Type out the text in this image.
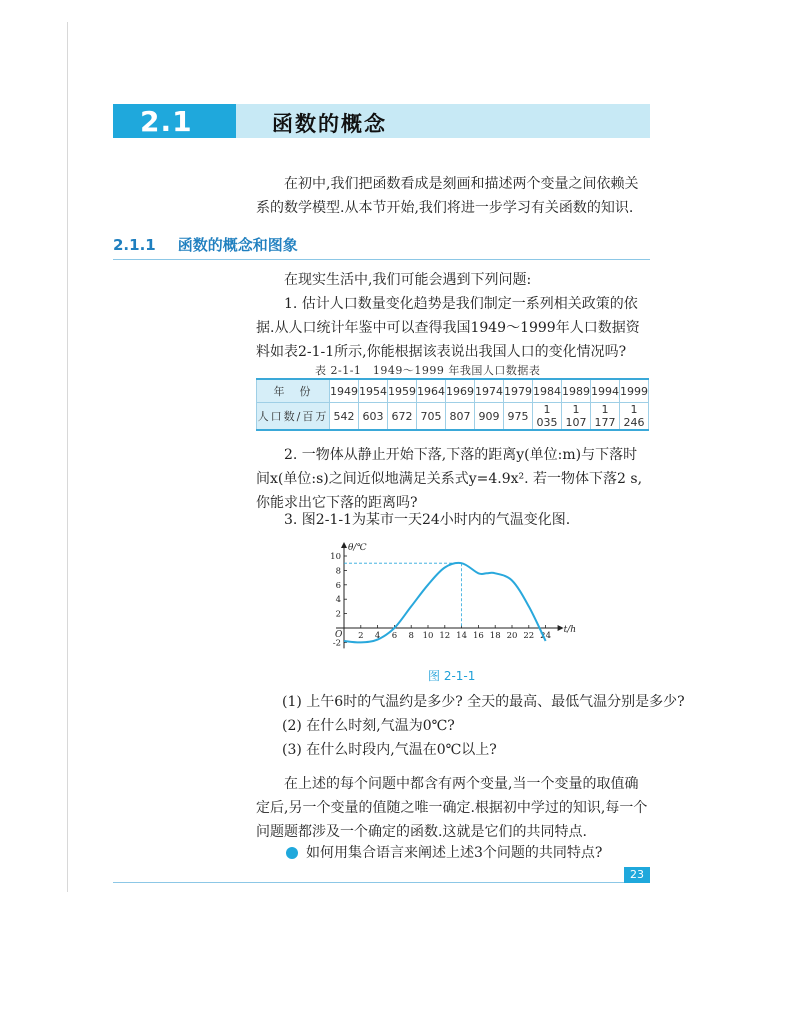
2.1	函数的概念
在初中,我们把函数看成是刻画和描述两个变量之间依赖关系的数学模型.从本节开始,我们将进一步学习有关函数的知识.
2.1.1 函数的概念和图象
在现实生活中,我们可能会遇到下列问题:
1. 估计人口数量变化趋势是我们制定一系列相关政策的依据.从人口统计年鉴中可以查得我国1949～1999年人口数据资料如表2-1-1所示,你能根据该表说出我国人口的变化情况吗?
表 2-1-1　1949～1999 年我国人口数据表
年　份	1949	1954	1959	1964	1969	1974	1979	1984	1989	1994	1999
人口数/百万	542	603	672	705	807	909	975	1 035	1 107	1 177	1 246
2. 一物体从静止开始下落,下落的距离y(单位:m)与下落时间x(单位:s)之间近似地满足关系式y=4.9x². 若一物体下落2 s,你能求出它下落的距离吗?
3. 图2-1-1为某市一天24小时内的气温变化图.
θ/℃
t/h
O 2 4 6 8 10 12 14 16 18 20 22 24
-2
2
4
6
8
10
图 2-1-1
(1) 上午6时的气温约是多少? 全天的最高、最低气温分别是多少?
(2) 在什么时刻,气温为0℃?
(3) 在什么时段内,气温在0℃以上?
在上述的每个问题中都含有两个变量,当一个变量的取值确定后,另一个变量的值随之唯一确定.根据初中学过的知识,每一个问题题都涉及一个确定的函数.这就是它们的共同特点.
如何用集合语言来阐述上述3个问题的共同特点?
23
